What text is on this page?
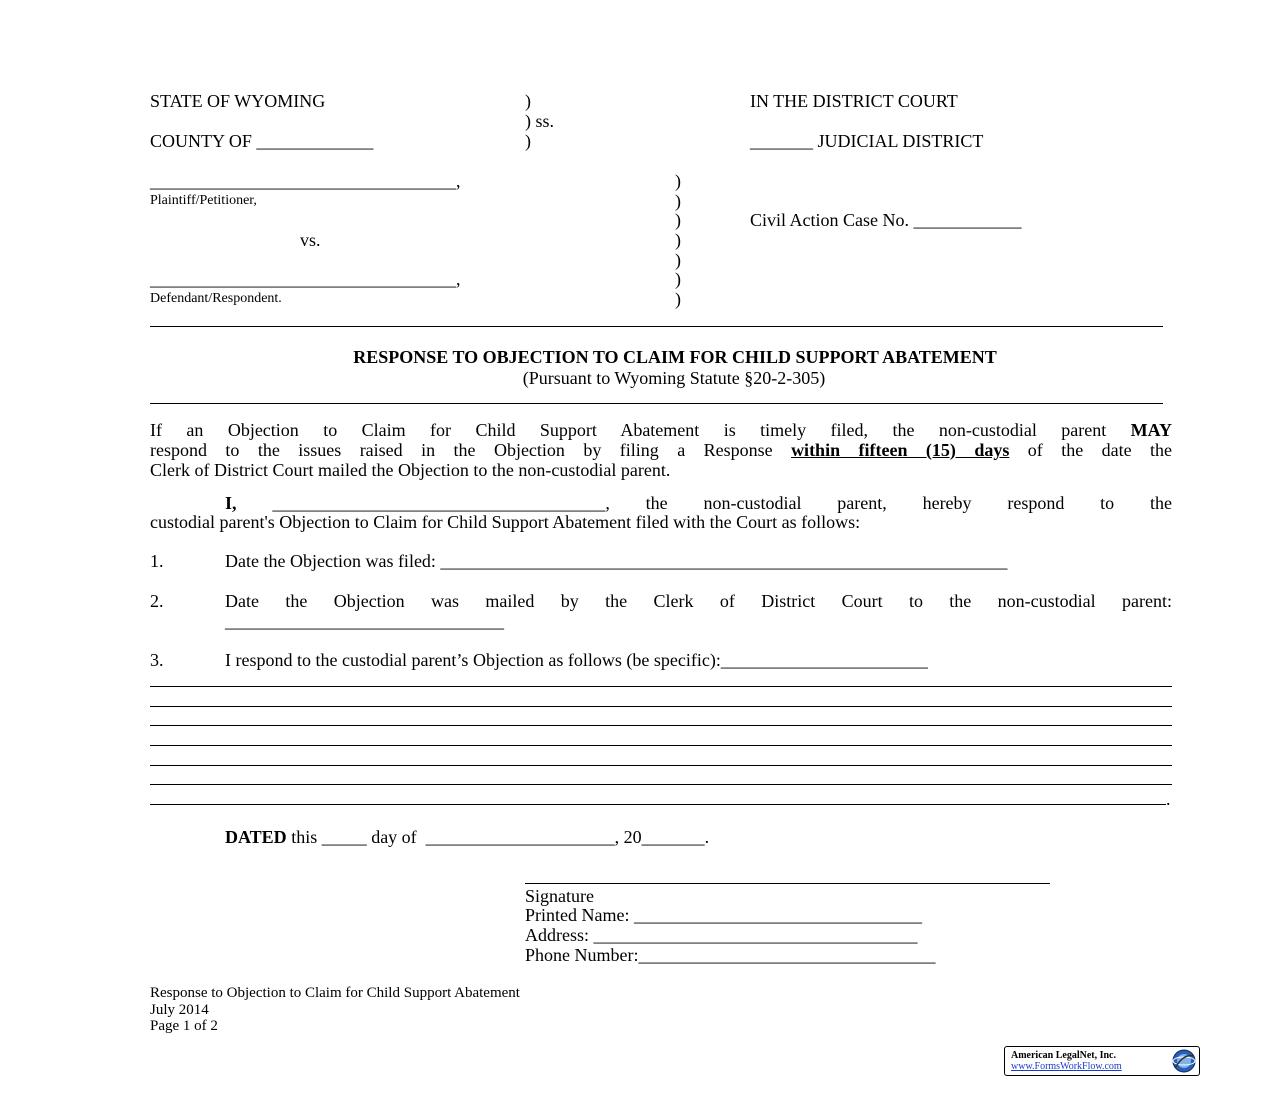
STATE OF WYOMING	)
) ss.
COUNTY OF _____________	)
IN THE DISTRICT COURT
_______ JUDICIAL DISTRICT
__________________________________,
Plaintiff/Petitioner,
vs.
__________________________________,
Defendant/Respondent.
)
)
)
)
)
)
)
Civil Action Case No. ____________
RESPONSE TO OBJECTION TO CLAIM FOR CHILD SUPPORT ABATEMENT
(Pursuant to Wyoming Statute §20-2-305)
If an Objection to Claim for Child Support Abatement is timely filed, the non-custodial parent MAY
respond to the issues raised in the Objection by filing a Response within fifteen (15) days of the date the
Clerk of District Court mailed the Objection to the non-custodial parent.
I, _____________________________________, the non-custodial parent, hereby respond to the
custodial parent's Objection to Claim for Child Support Abatement filed with the Court as follows:
1.	Date the Objection was filed: _______________________________________________________________
2.	Date the Objection was mailed by the Clerk of District Court to the non-custodial parent:
_______________________________
3.	I respond to the custodial parent’s Objection as follows (be specific):_______________________
.
DATED this _____ day of  _____________________, 20_______.
Signature
Printed Name: ________________________________
Address: ____________________________________
Phone Number:_________________________________
Response to Objection to Claim for Child Support Abatement
July 2014
Page 1 of 2
American LegalNet, Inc.
www.FormsWorkFlow.com
